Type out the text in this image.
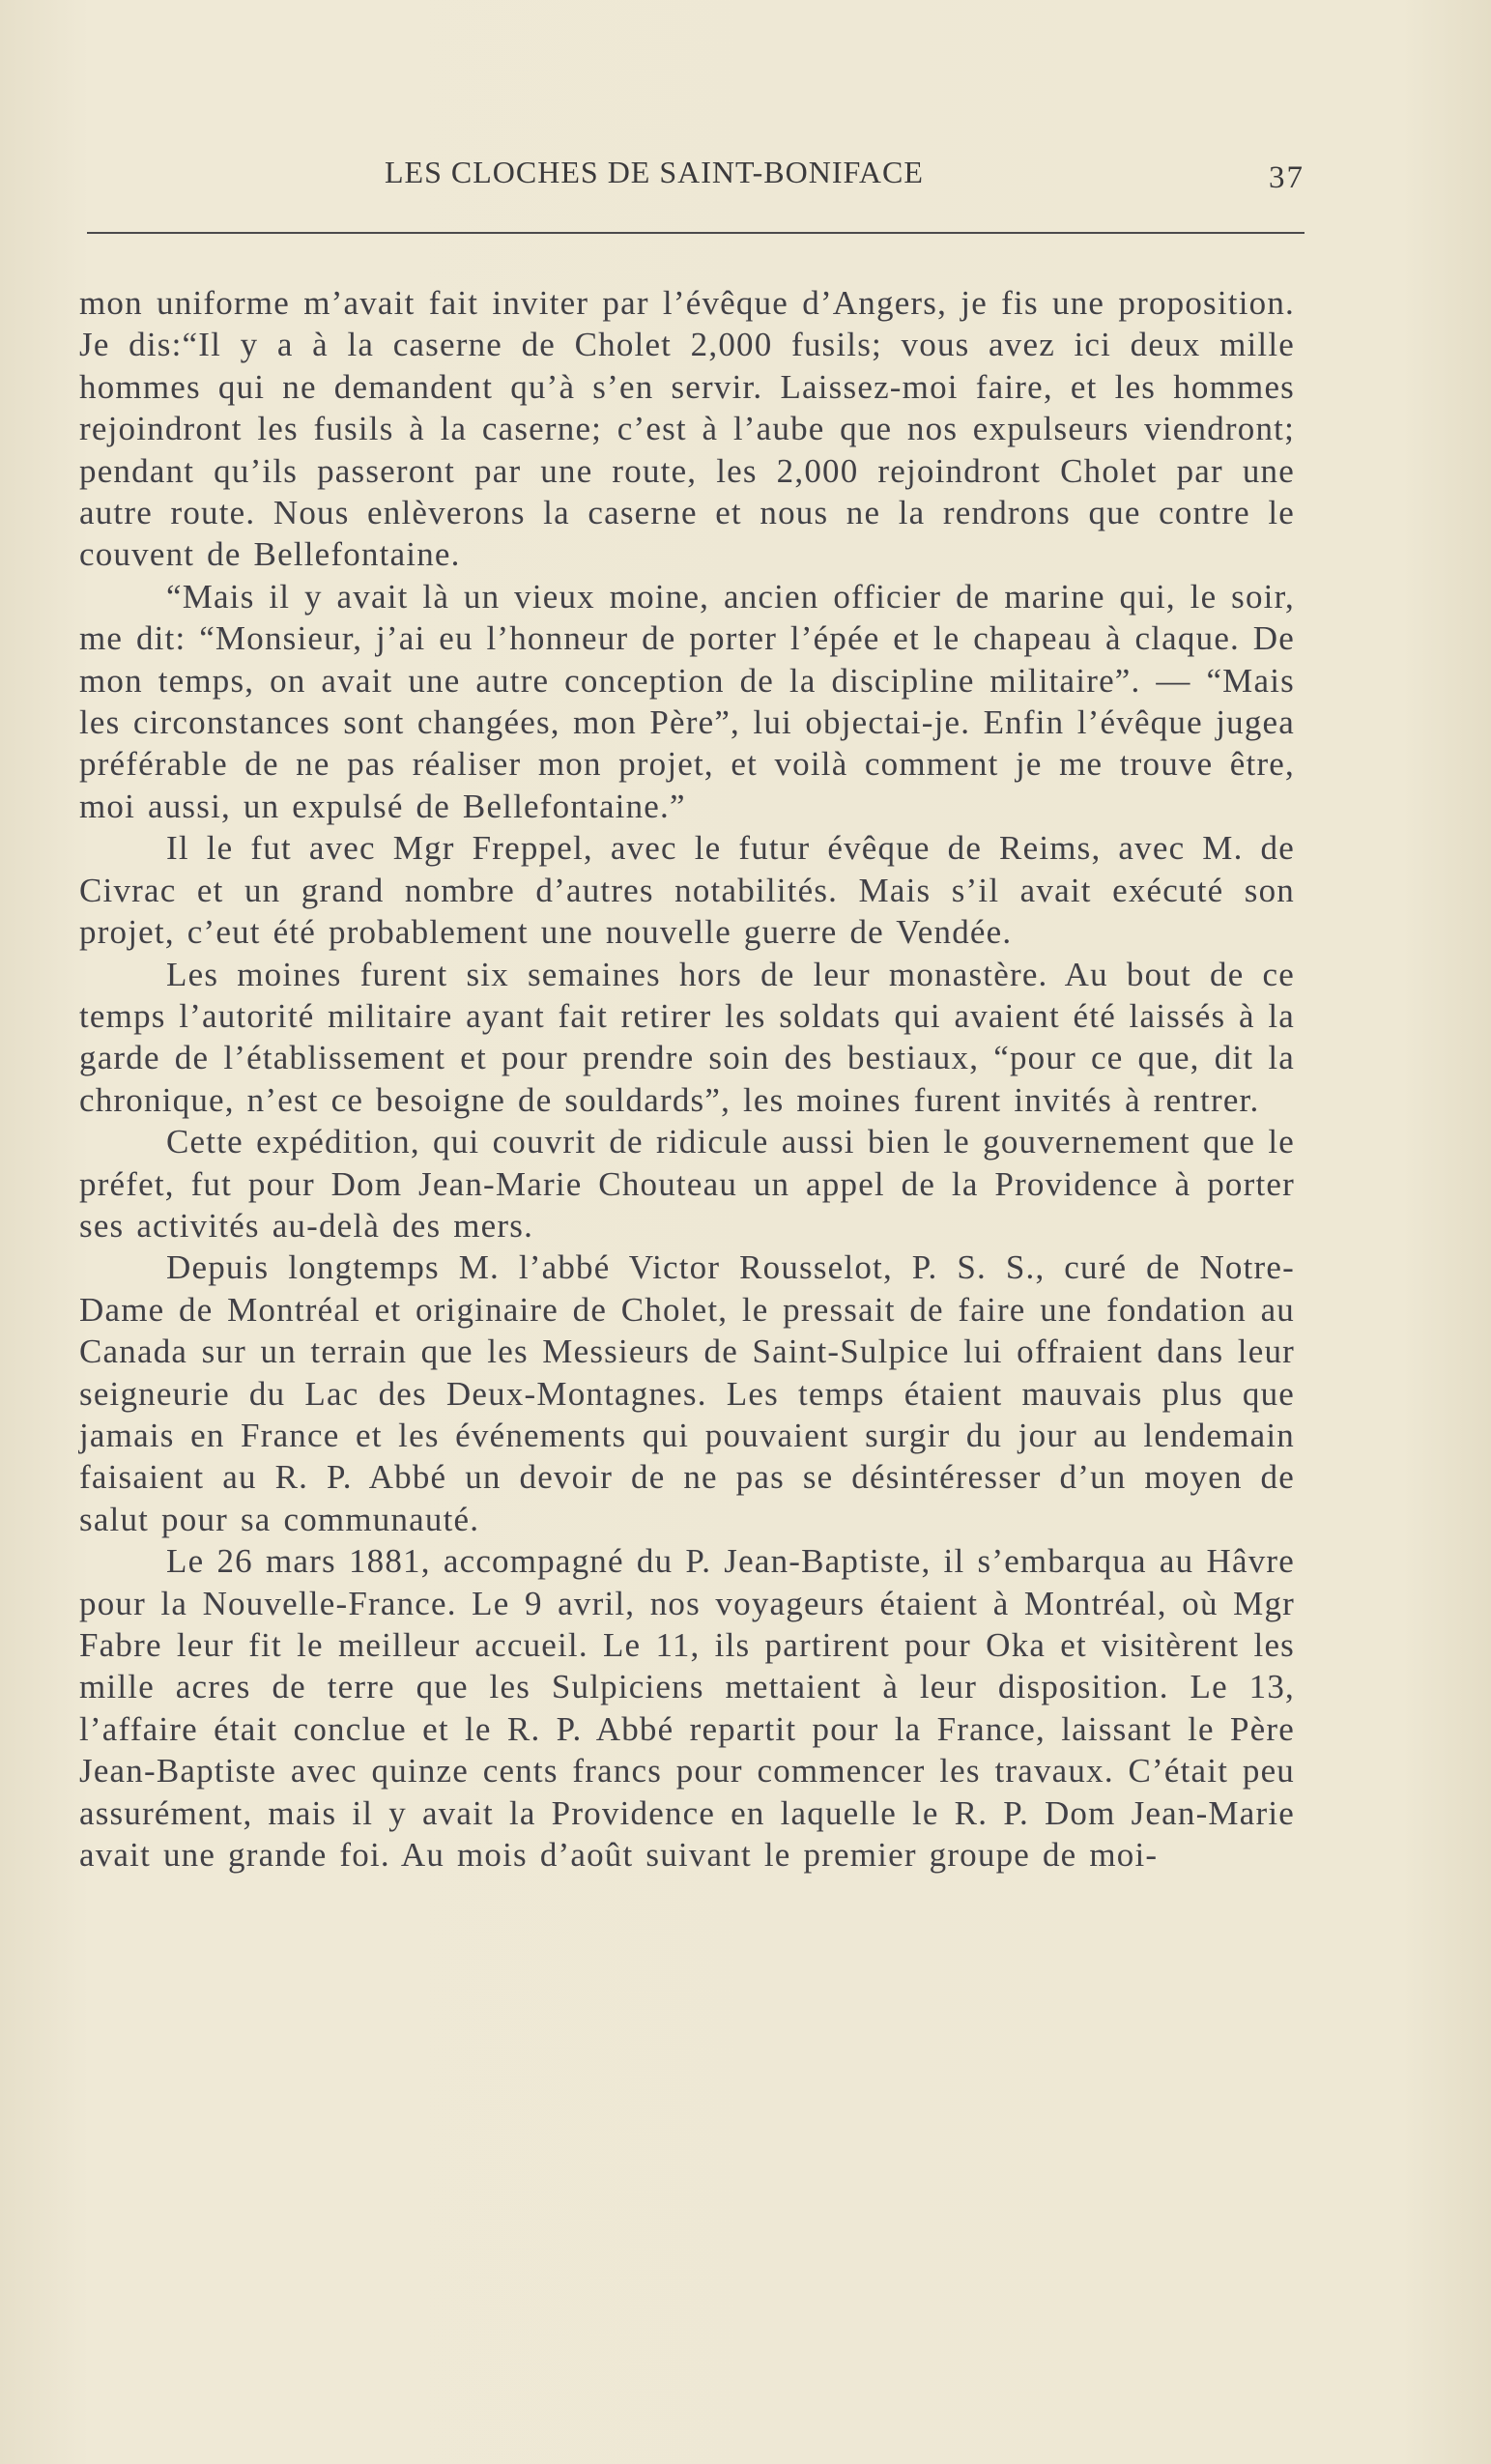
LES CLOCHES DE SAINT-BONIFACE	37

mon uniforme m’avait fait inviter par l’évêque d’Angers, je fis une proposition. Je dis:“Il y a à la caserne de Cholet 2,000 fusils; vous avez ici deux mille hommes qui ne demandent qu’à s’en servir. Laissez-moi faire, et les hommes rejoindront les fusils à la caserne; c’est à l’aube que nos expulseurs viendront; pendant qu’ils passeront par une route, les 2,000 rejoindront Cholet par une autre route. Nous enlèverons la caserne et nous ne la rendrons que contre le couvent de Bellefontaine.

“Mais il y avait là un vieux moine, ancien officier de marine qui, le soir, me dit: “Monsieur, j’ai eu l’honneur de porter l’épée et le chapeau à claque. De mon temps, on avait une autre conception de la discipline militaire”. — “Mais les circonstances sont changées, mon Père”, lui objectai-je. Enfin l’évêque jugea préférable de ne pas réaliser mon projet, et voilà comment je me trouve être, moi aussi, un expulsé de Bellefontaine.”

Il le fut avec Mgr Freppel, avec le futur évêque de Reims, avec M. de Civrac et un grand nombre d’autres notabilités. Mais s’il avait exécuté son projet, c’eut été probablement une nouvelle guerre de Vendée.

Les moines furent six semaines hors de leur monastère. Au bout de ce temps l’autorité militaire ayant fait retirer les soldats qui avaient été laissés à la garde de l’établissement et pour prendre soin des bestiaux, “pour ce que, dit la chronique, n’est ce besoigne de souldards”, les moines furent invités à rentrer.

Cette expédition, qui couvrit de ridicule aussi bien le gouvernement que le préfet, fut pour Dom Jean-Marie Chouteau un appel de la Providence à porter ses activités au-delà des mers.

Depuis longtemps M. l’abbé Victor Rousselot, P. S. S., curé de Notre-Dame de Montréal et originaire de Cholet, le pressait de faire une fondation au Canada sur un terrain que les Messieurs de Saint-Sulpice lui offraient dans leur seigneurie du Lac des Deux-Montagnes. Les temps étaient mauvais plus que jamais en France et les événements qui pouvaient surgir du jour au lendemain faisaient au R. P. Abbé un devoir de ne pas se désintéresser d’un moyen de salut pour sa communauté.

Le 26 mars 1881, accompagné du P. Jean-Baptiste, il s’embarqua au Hâvre pour la Nouvelle-France. Le 9 avril, nos voyageurs étaient à Montréal, où Mgr Fabre leur fit le meilleur accueil. Le 11, ils partirent pour Oka et visitèrent les mille acres de terre que les Sulpiciens mettaient à leur disposition. Le 13, l’affaire était conclue et le R. P. Abbé repartit pour la France, laissant le Père Jean-Baptiste avec quinze cents francs pour commencer les travaux. C’était peu assurément, mais il y avait la Providence en laquelle le R. P. Dom Jean-Marie avait une grande foi. Au mois d’août suivant le premier groupe de moi-
